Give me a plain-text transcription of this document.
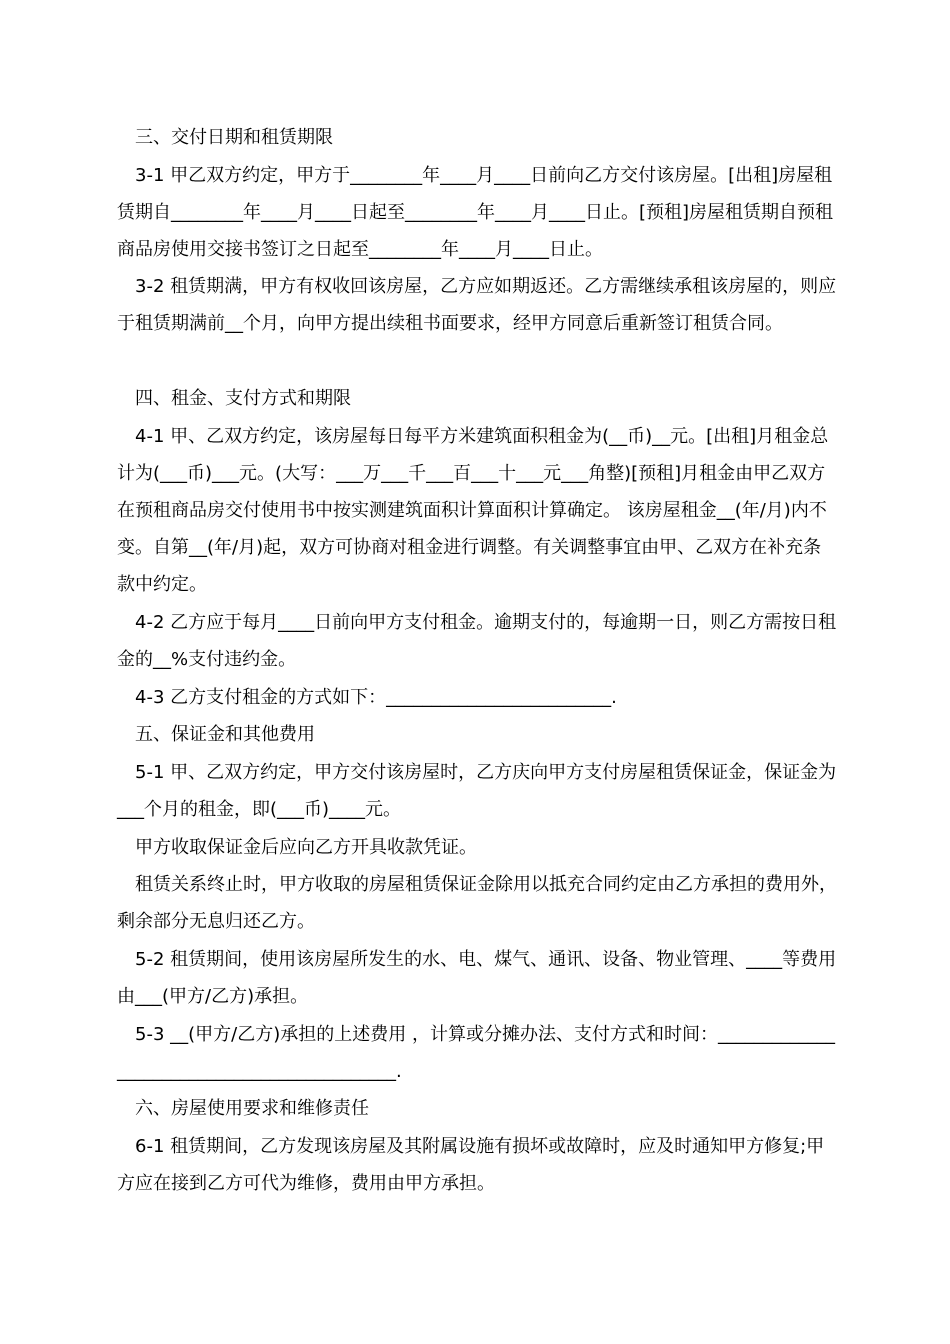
三、交付日期和租赁期限

3-1 甲乙双方约定，甲方于________年____月____日前向乙方交付该房屋。[出租]房屋租赁期自________年____月____日起至________年____月____日止。[预租]房屋租赁期自预租商品房使用交接书签订之日起至________年____月____日止。

3-2 租赁期满，甲方有权收回该房屋，乙方应如期返还。乙方需继续承租该房屋的，则应于租赁期满前__个月，向甲方提出续租书面要求，经甲方同意后重新签订租赁合同。

四、租金、支付方式和期限

4-1 甲、乙双方约定，该房屋每日每平方米建筑面积租金为(__币)__元。[出租]月租金总计为(___币)___元。(大写：___万___千___百___十___元___角整)[预租]月租金由甲乙双方在预租商品房交付使用书中按实测建筑面积计算面积计算确定。 该房屋租金__(年/月)内不变。自第__(年/月)起，双方可协商对租金进行调整。有关调整事宜由甲、乙双方在补充条款中约定。

4-2 乙方应于每月____日前向甲方支付租金。逾期支付的，每逾期一日，则乙方需按日租金的__%支付违约金。

4-3 乙方支付租金的方式如下：_________________________.

五、保证金和其他费用

5-1 甲、乙双方约定，甲方交付该房屋时，乙方庆向甲方支付房屋租赁保证金，保证金为___个月的租金，即(___币)____元。

甲方收取保证金后应向乙方开具收款凭证。

租赁关系终止时，甲方收取的房屋租赁保证金除用以抵充合同约定由乙方承担的费用外，剩余部分无息归还乙方。

5-2 租赁期间，使用该房屋所发生的水、电、煤气、通讯、设备、物业管理、____等费用由___(甲方/乙方)承担。

5-3 __(甲方/乙方)承担的上述费用 ，计算或分摊办法、支付方式和时间：____________________________________________.

六、房屋使用要求和维修责任

6-1 租赁期间，乙方发现该房屋及其附属设施有损坏或故障时，应及时通知甲方修复;甲方应在接到乙方可代为维修，费用由甲方承担。
